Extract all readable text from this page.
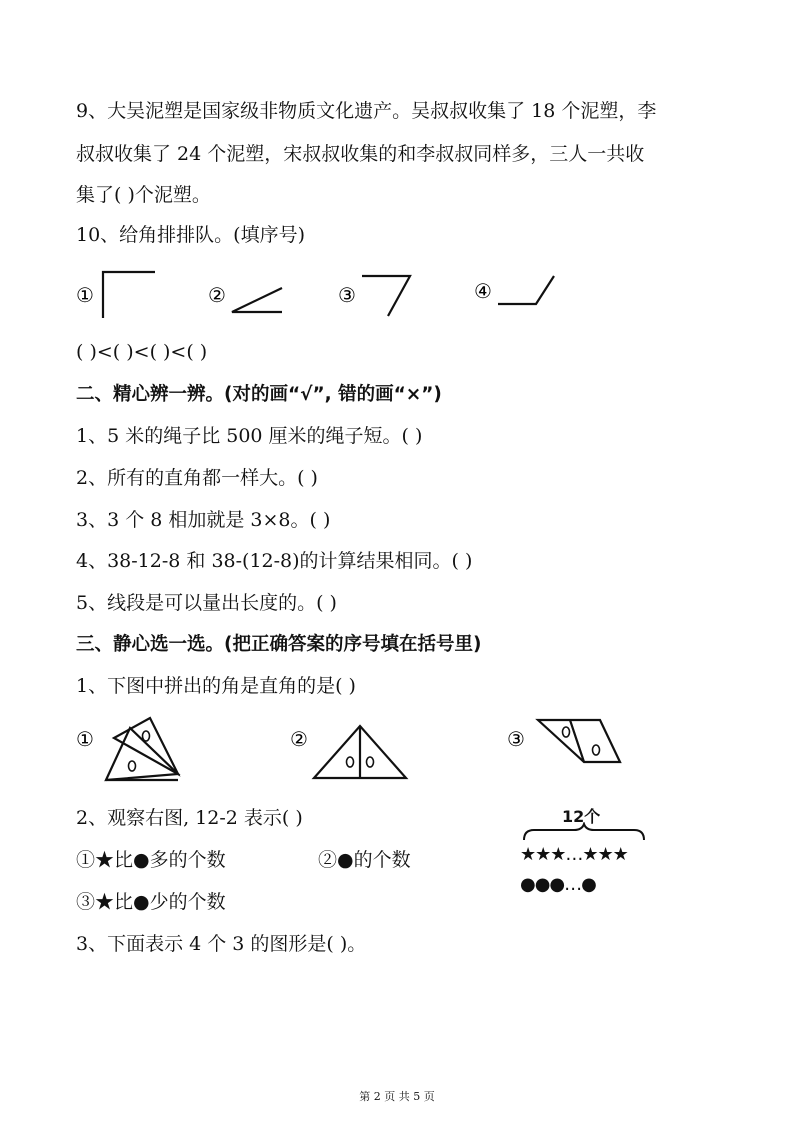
9、大吴泥塑是国家级非物质文化遗产。吴叔叔收集了 18 个泥塑，李
叔叔收集了 24 个泥塑，宋叔叔收集的和李叔叔同样多，三人一共收
集了( )个泥塑。
10、给角排排队。(填序号)
①	②	③	④
( )<( )<( )<( )
二、精心辨一辨。(对的画“√”, 错的画“×”)
1、5 米的绳子比 500 厘米的绳子短。( )
2、所有的直角都一样大。( )
3、3 个 8 相加就是 3×8。( )
4、38-12-8 和 38-(12-8)的计算结果相同。( )
5、线段是可以量出长度的。( )
三、静心选一选。(把正确答案的序号填在括号里)
1、下图中拼出的角是直角的是( )
①	②	③
2、观察右图, 12-2 表示( )
①★比●多的个数	②●的个数
③★比●少的个数
12个
★★★…★★★
●●●…●
3、下面表示 4 个 3 的图形是( )。
第 2 页 共 5 页
